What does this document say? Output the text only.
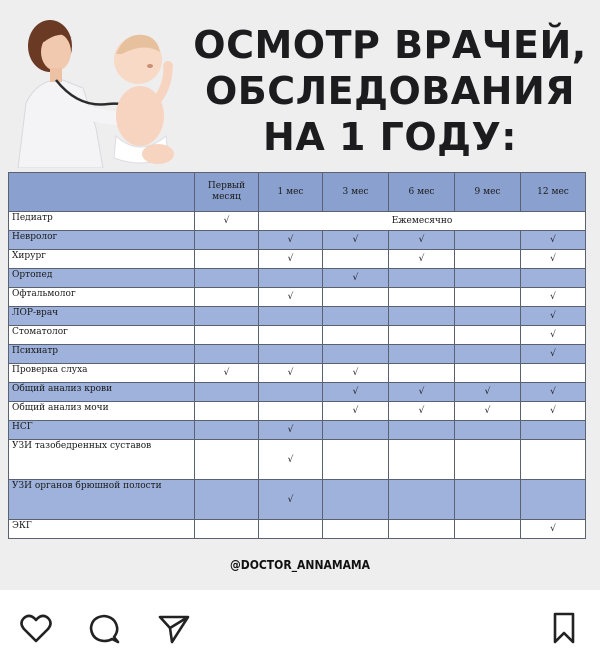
ОСМОТР ВРАЧЕЙ,
ОБСЛЕДОВАНИЯ
НА 1 ГОДУ:
	Первый месяц	1 мес	3 мес	6 мес	9 мес	12 мес
Педиатр	√	Ежемесячно				
Невролог		√	√	√		√
Хирург		√		√		√
Ортопед			√			
Офтальмолог		√				√
ЛОР-врач						√
Стоматолог						√
Психиатр						√
Проверка слуха	√	√	√			
Общий анализ крови			√	√	√	√
Общий анализ мочи			√	√	√	√
НСГ		√				
УЗИ тазобедренных суставов		√				
УЗИ органов брюшной полости		√				
ЭКГ						√
@DOCTOR_ANNAMAMA
